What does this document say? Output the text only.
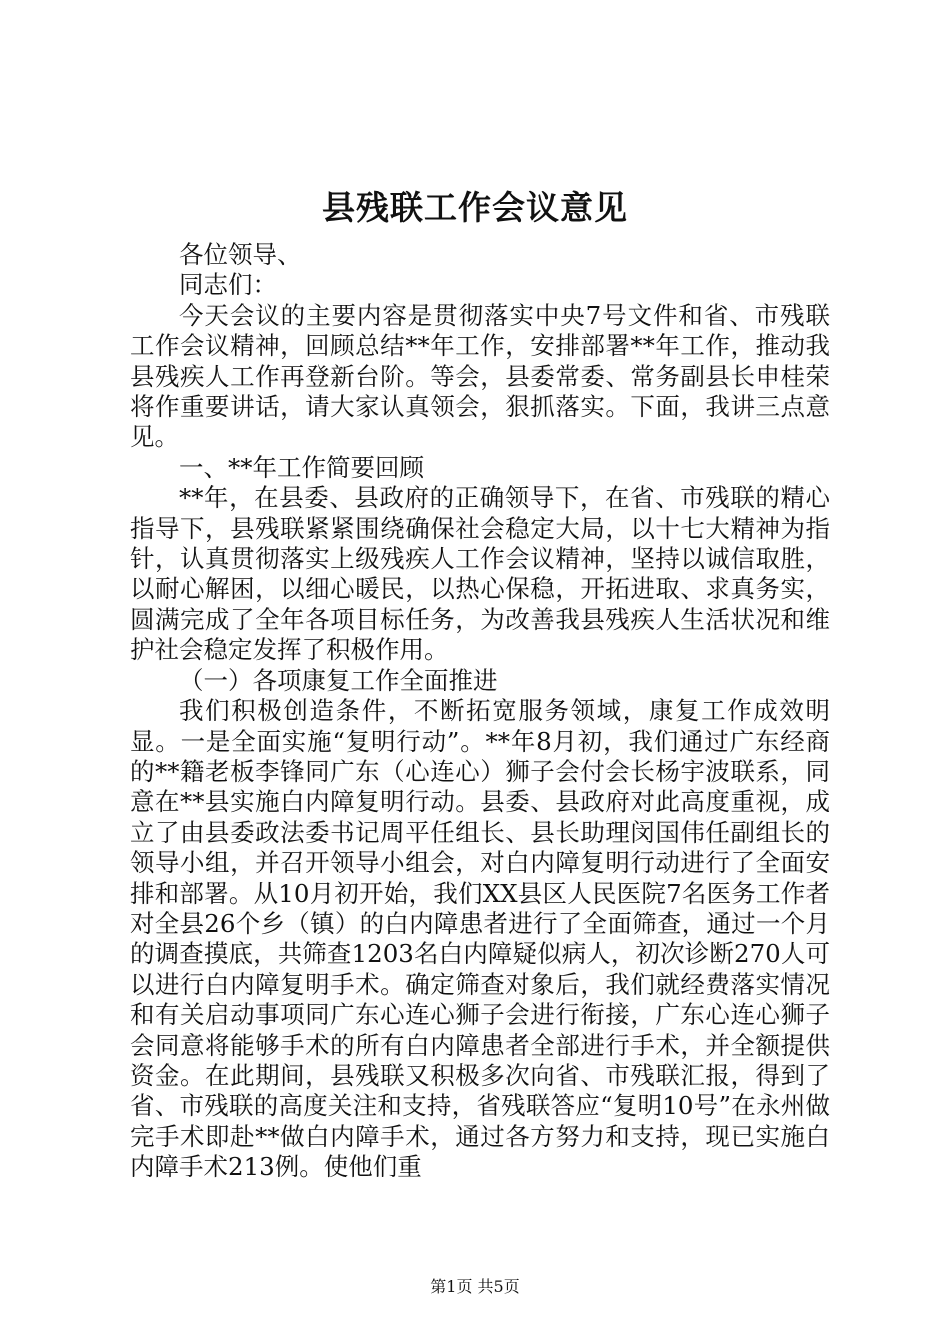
县残联工作会议意见

各位领导、

同志们：

今天会议的主要内容是贯彻落实中央7号文件和省、市残联工作会议精神，回顾总结**年工作，安排部署**年工作，推动我县残疾人工作再登新台阶。等会，县委常委、常务副县长申桂荣将作重要讲话，请大家认真领会，狠抓落实。下面，我讲三点意见。

一、**年工作简要回顾

**年，在县委、县政府的正确领导下，在省、市残联的精心指导下，县残联紧紧围绕确保社会稳定大局，以十七大精神为指针，认真贯彻落实上级残疾人工作会议精神，坚持以诚信取胜，以耐心解困，以细心暖民，以热心保稳，开拓进取、求真务实，圆满完成了全年各项目标任务，为改善我县残疾人生活状况和维护社会稳定发挥了积极作用。

（一）各项康复工作全面推进

我们积极创造条件，不断拓宽服务领域，康复工作成效明显。一是全面实施“复明行动”。**年8月初，我们通过广东经商的**籍老板李锋同广东（心连心）狮子会付会长杨宇波联系，同意在**县实施白内障复明行动。县委、县政府对此高度重视，成立了由县委政法委书记周平任组长、县长助理闵国伟任副组长的领导小组，并召开领导小组会，对白内障复明行动进行了全面安排和部署。从10月初开始，我们XX县区人民医院7名医务工作者对全县26个乡（镇）的白内障患者进行了全面筛查，通过一个月的调查摸底，共筛查1203名白内障疑似病人，初次诊断270人可以进行白内障复明手术。确定筛查对象后，我们就经费落实情况和有关启动事项同广东心连心狮子会进行衔接，广东心连心狮子会同意将能够手术的所有白内障患者全部进行手术，并全额提供资金。在此期间，县残联又积极多次向省、市残联汇报，得到了省、市残联的高度关注和支持，省残联答应“复明10号”在永州做完手术即赴**做白内障手术，通过各方努力和支持，现已实施白内障手术213例。使他们重

第1页 共5页
